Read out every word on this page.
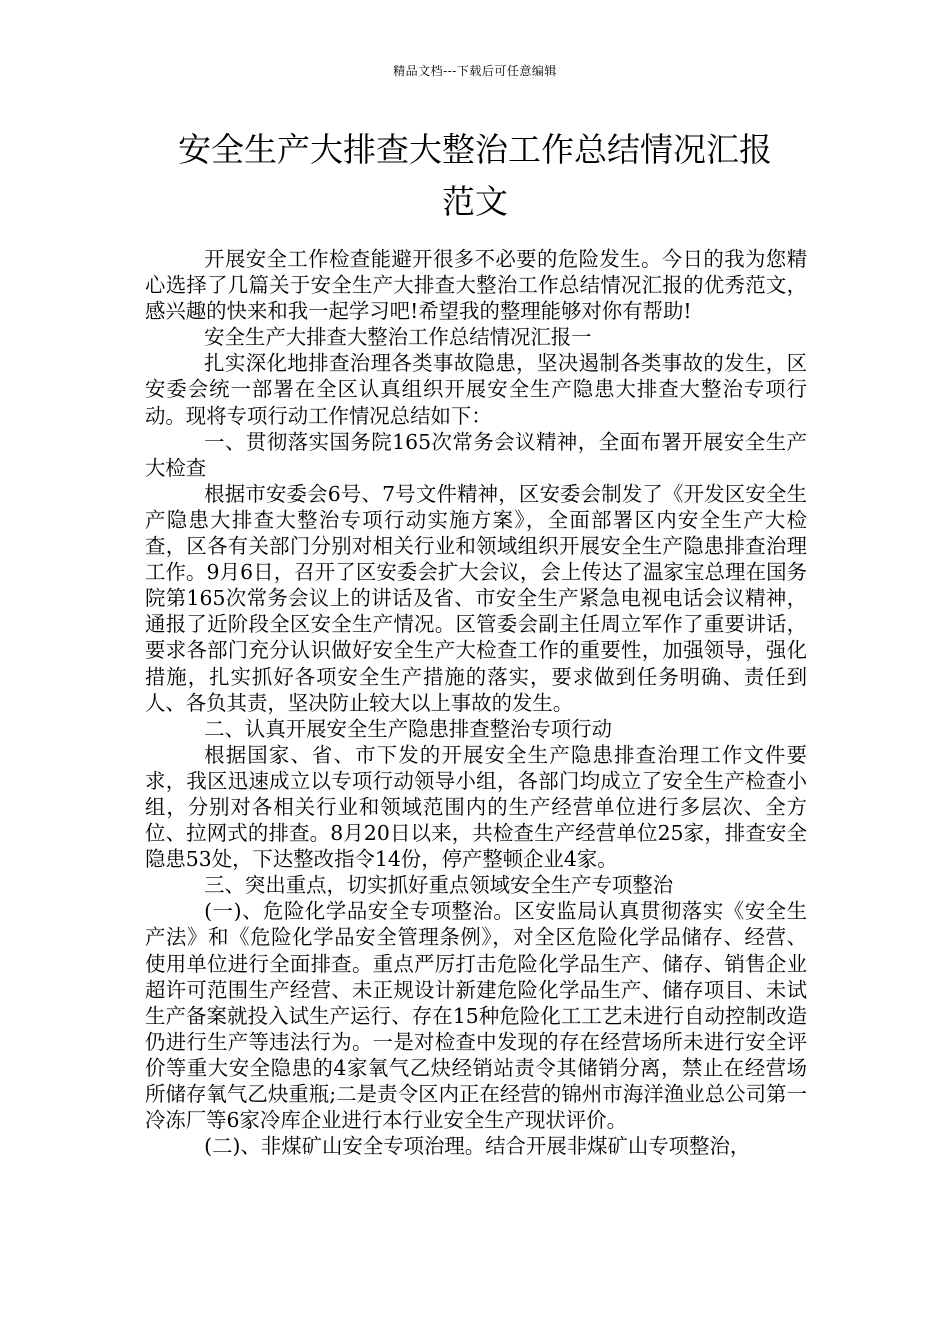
精品文档---下载后可任意编辑
安全生产大排查大整治工作总结情况汇报
范文

开展安全工作检查能避开很多不必要的危险发生。今日的我为您精心选择了几篇关于安全生产大排查大整治工作总结情况汇报的优秀范文，感兴趣的快来和我一起学习吧!希望我的整理能够对你有帮助!

安全生产大排查大整治工作总结情况汇报一

扎实深化地排查治理各类事故隐患，坚决遏制各类事故的发生，区安委会统一部署在全区认真组织开展安全生产隐患大排查大整治专项行动。现将专项行动工作情况总结如下：

一、贯彻落实国务院165次常务会议精神，全面布署开展安全生产大检查

根据市安委会6号、7号文件精神，区安委会制发了《开发区安全生产隐患大排查大整治专项行动实施方案》，全面部署区内安全生产大检查，区各有关部门分别对相关行业和领域组织开展安全生产隐患排查治理工作。9月6日，召开了区安委会扩大会议，会上传达了温家宝总理在国务院第165次常务会议上的讲话及省、市安全生产紧急电视电话会议精神，通报了近阶段全区安全生产情况。区管委会副主任周立军作了重要讲话，要求各部门充分认识做好安全生产大检查工作的重要性，加强领导，强化措施，扎实抓好各项安全生产措施的落实，要求做到任务明确、责任到人、各负其责，坚决防止较大以上事故的发生。

二、认真开展安全生产隐患排查整治专项行动

根据国家、省、市下发的开展安全生产隐患排查治理工作文件要求，我区迅速成立以专项行动领导小组，各部门均成立了安全生产检查小组，分别对各相关行业和领域范围内的生产经营单位进行多层次、全方位、拉网式的排查。8月20日以来，共检查生产经营单位25家，排查安全隐患53处，下达整改指令14份，停产整顿企业4家。

三、突出重点，切实抓好重点领域安全生产专项整治

(一)、危险化学品安全专项整治。区安监局认真贯彻落实《安全生产法》和《危险化学品安全管理条例》，对全区危险化学品储存、经营、使用单位进行全面排查。重点严厉打击危险化学品生产、储存、销售企业超许可范围生产经营、未正规设计新建危险化学品生产、储存项目、未试生产备案就投入试生产运行、存在15种危险化工工艺未进行自动控制改造仍进行生产等违法行为。一是对检查中发现的存在经营场所未进行安全评价等重大安全隐患的4家氧气乙炔经销站责令其储销分离，禁止在经营场所储存氧气乙炔重瓶;二是责令区内正在经营的锦州市海洋渔业总公司第一冷冻厂等6家冷库企业进行本行业安全生产现状评价。

(二)、非煤矿山安全专项治理。结合开展非煤矿山专项整治，
